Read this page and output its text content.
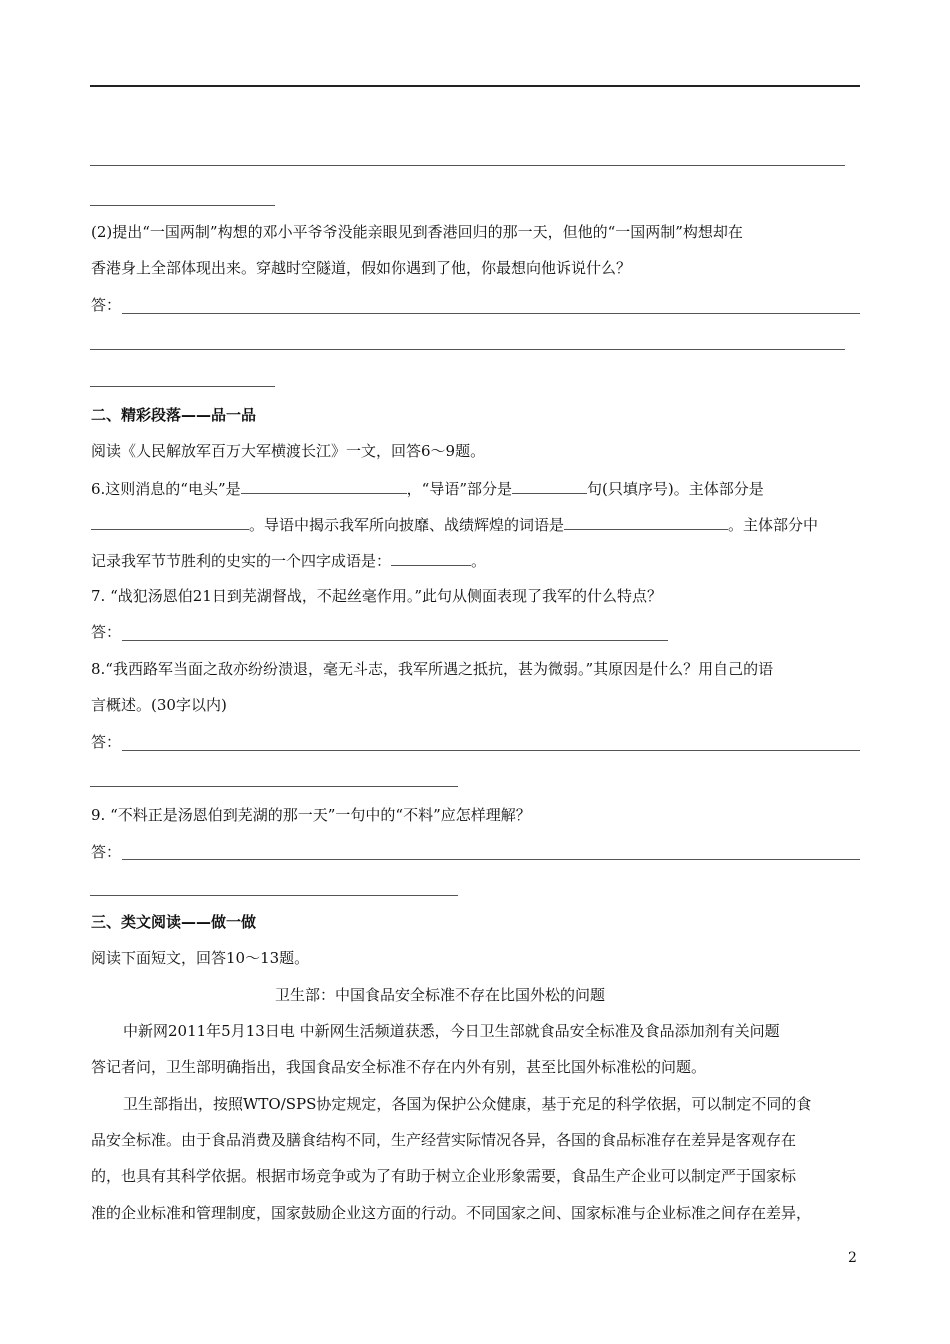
(2)提出“一国两制”构想的邓小平爷爷没能亲眼见到香港回归的那一天，但他的“一国两制”构想却在
香港身上全部体现出来。穿越时空隧道，假如你遇到了他，你最想向他诉说什么？
答：
二、精彩段落——品一品
阅读《人民解放军百万大军横渡长江》一文，回答6～9题。
6.这则消息的“电头”是	，“导语”部分是	句(只填序号)。主体部分是
。导语中揭示我军所向披靡、战绩辉煌的词语是	。主体部分中
记录我军节节胜利的史实的一个四字成语是：	。
7. “战犯汤恩伯21日到芜湖督战，不起丝毫作用。”此句从侧面表现了我军的什么特点？
答：
8.“我西路军当面之敌亦纷纷溃退，毫无斗志，我军所遇之抵抗，甚为微弱。”其原因是什么？用自己的语
言概述。(30字以内)
答：
9. “不料正是汤恩伯到芜湖的那一天”一句中的“不料”应怎样理解？
答：
三、类文阅读——做一做
阅读下面短文，回答10～13题。
卫生部：中国食品安全标准不存在比国外松的问题
中新网2011年5月13日电 中新网生活频道获悉，今日卫生部就食品安全标准及食品添加剂有关问题
答记者问，卫生部明确指出，我国食品安全标准不存在内外有别，甚至比国外标准松的问题。
卫生部指出，按照WTO/SPS协定规定，各国为保护公众健康，基于充足的科学依据，可以制定不同的食
品安全标准。由于食品消费及膳食结构不同，生产经营实际情况各异，各国的食品标准存在差异是客观存在
的，也具有其科学依据。根据市场竞争或为了有助于树立企业形象需要，食品生产企业可以制定严于国家标
准的企业标准和管理制度，国家鼓励企业这方面的行动。不同国家之间、国家标准与企业标准之间存在差异，
2
